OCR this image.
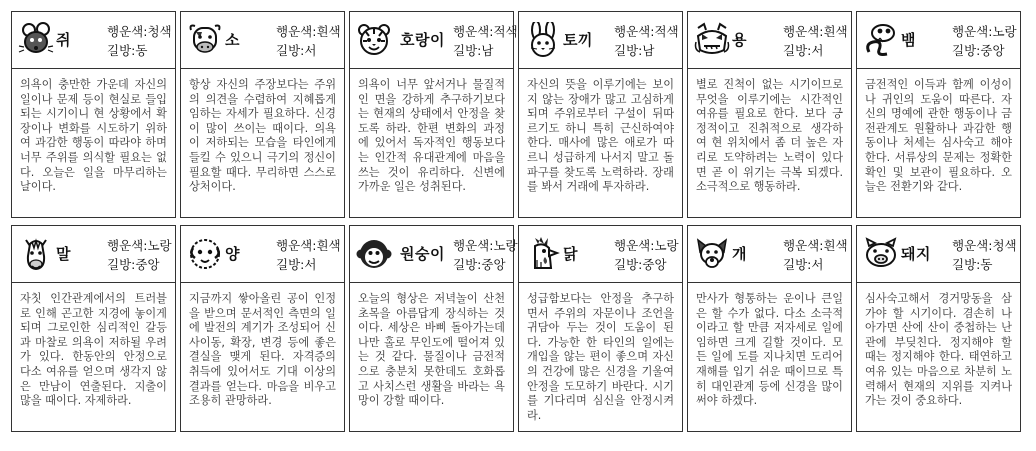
쥐	행운색:청색
길방:동
의욕이 충만한 가운데 자신의 일이나 문제 등이 현실로 들입되는 시기이니 현 상황에서 확장이나 변화를 시도하기 위하여 과감한 행동이 따라야 하며 너무 주위를 의식할 필요는 없다. 오늘은 일을 마무리하는 날이다.
소	행운색:흰색
길방:서
항상 자신의 주장보다는 주위의 의견을 수렴하여 지혜롭게 임하는 자세가 필요하다. 신경이 많이 쓰이는 때이다. 의욕이 저하되는 모습을 타인에게 들킬 수 있으니 극기의 정신이 필요할 때다. 무리하면 스스로 상처이다.
호랑이 행운색:적색
길방:남
의욕이 너무 앞서거나 물질적인 면을 강하게 추구하기보다는 현재의 상태에서 안정을 찾도록 하라. 한편 변화의 과정에 있어서 독자적인 행동보다는 인간적 유대관계에 마음을 쓰는 것이 유리하다. 신변에 가까운 일은 성취된다.
토끼 행운색:적색
길방:남
자신의 뜻을 이루기에는 보이지 않는 장애가 많고 고심하게 되며 주위로부터 구설이 뒤따르기도 하니 특히 근신하여야 한다. 매사에 많은 애로가 따르니 성급하게 나서지 말고 돌파구를 찾도록 노력하라. 장래를 봐서 거래에 투자하라.
용	행운색:흰색
길방:서
별로 진척이 없는 시기이므로 무엇을 이루기에는 시간적인 여유를 필요로 한다. 보다 긍정적이고 진취적으로 생각하여 현 위치에서 좀 더 높은 자리로 도약하려는 노력이 있다면 곧 이 위기는 극복 되겠다. 소극적으로 행동하라.
뱀	행운색:노랑
길방:중앙
금전적인 이득과 함께 이성이나 귀인의 도움이 따른다. 자신의 명예에 관한 행동이나 금전관계도 원활하나 과감한 행동이나 처세는 심사숙고 해야 한다. 서류상의 문제는 정확한 확인 및 보관이 필요하다. 오늘은 전환기와 같다.
말	행운색:노랑
길방:중앙
자칫 인간관계에서의 트러블로 인해 곤고한 지경에 놓이게 되며 그로인한 심리적인 갈등과 마찰로 의욕이 저하될 우려가 있다. 한동안의 안정으로 다소 여유를 얻으며 생각지 않은 만남이 연출된다. 지출이 많을 때이다. 자제하라.
양	행운색:흰색
길방:서
지금까지 쌓아올린 공이 인정을 받으며 문서적인 측면의 일에 발전의 계기가 조성되어 신사이동, 확장, 변경 등에 좋은 결실을 맺게 된다. 자격증의 취득에 있어서도 기대 이상의 결과를 얻는다. 마음을 비우고 조용히 관망하라.
원숭이 행운색:노랑
길방:중앙
오늘의 형상은 저녁놀이 산천초목을 아름답게 장식하는 것이다. 세상은 바삐 돌아가는데 나만 홀로 무인도에 떨어져 있는 것 같다. 물질이나 금전적으로 충분치 못한데도 호화롭고 사치스런 생활을 바라는 욕망이 강할 때이다.
닭	행운색:노랑
길방:중앙
성급함보다는 안정을 추구하면서 주위의 자문이나 조언을 귀담아 두는 것이 도움이 된다. 가능한 한 타인의 일에는 개입을 않는 편이 좋으며 자신의 건강에 많은 신경을 기울여 안정을 도모하기 바란다. 시기를 기다리며 심신을 안정시켜라.
개	행운색:흰색
길방:서
만사가 형통하는 운이나 큰일은 할 수가 없다. 다소 소극적이라고 할 만큼 저자세로 일에 임하면 크게 길할 것이다. 모든 일에 도를 지나치면 도리어 재해를 입기 쉬운 때이므로 특히 대인관계 등에 신경을 많이 써야 하겠다.
돼지 행운색:청색
길방:동
심사숙고해서 경거망동을 삼가야 할 시기이다. 겸손히 나아가면 산에 산이 중첩하는 난관에 부딪친다. 정지해야 할 때는 정지해야 한다. 태연하고 여유 있는 마음으로 차분히 노력해서 현재의 지위를 지켜나가는 것이 중요하다.
